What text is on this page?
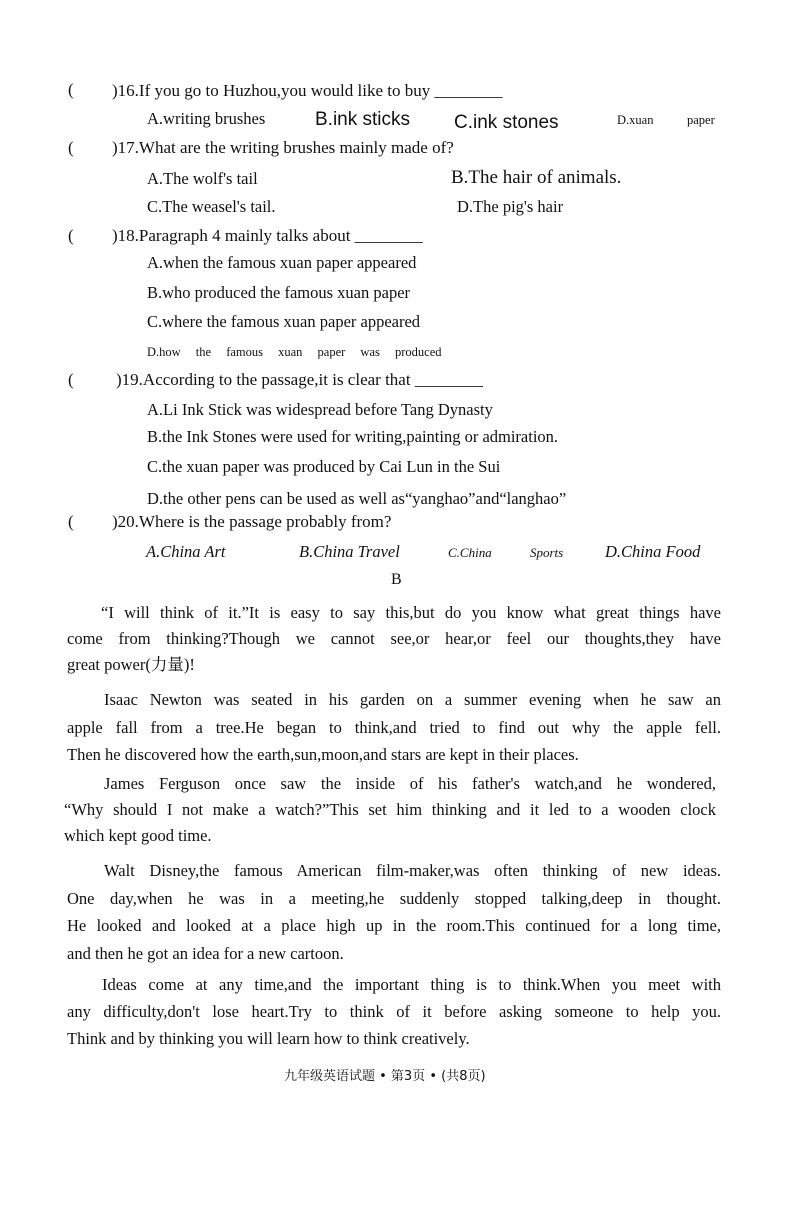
( )16.If you go to Huzhou,you would like to buy ________
A.writing brushes	B.ink sticks C.ink stones	D.xuan	paper
( )17.What are the writing brushes mainly made of?
A.The wolf's tail	B.The hair of animals.
C.The weasel's tail.	D.The pig's hair
( )18.Paragraph 4 mainly talks about ________
A.when the famous xuan paper appeared
B.who produced the famous xuan paper
C.where the famous xuan paper appeared
D.how the famous xuan paper was produced
( )19.According to the passage,it is clear that ________
A.Li Ink Stick was widespread before Tang Dynasty
B.the Ink Stones were used for writing,painting or admiration.
C.the xuan paper was produced by Cai Lun in the Sui
D.the other pens can be used as well as“yanghao”and“langhao”
( )20.Where is the passage probably from?
A.China Art	B.China Travel	C.China	Sports	D.China Food
B
“I will think of it.”It is easy to say this,but do you know what great things have
come from thinking?Though we cannot see,or hear,or feel our thoughts,they have
great power(力量)!
Isaac Newton was seated in his garden on a summer evening when he saw an
apple fall from a tree.He began to think,and tried to find out why the apple fell.
Then he discovered how the earth,sun,moon,and stars are kept in their places.
James Ferguson once saw the inside of his father's watch,and he wondered,
“Why should I not make a watch?”This set him thinking and it led to a wooden clock
which kept good time.
Walt Disney,the famous American film-maker,was often thinking of new ideas.
One day,when he was in a meeting,he suddenly stopped talking,deep in thought.
He looked and looked at a place high up in the room.This continued for a long time,
and then he got an idea for a new cartoon.
Ideas come at any time,and the important thing is to think.When you meet with
any difficulty,don't lose heart.Try to think of it before asking someone to help you.
Think and by thinking you will learn how to think creatively.
九年级英语试题 • 第3页 • (共8页)
